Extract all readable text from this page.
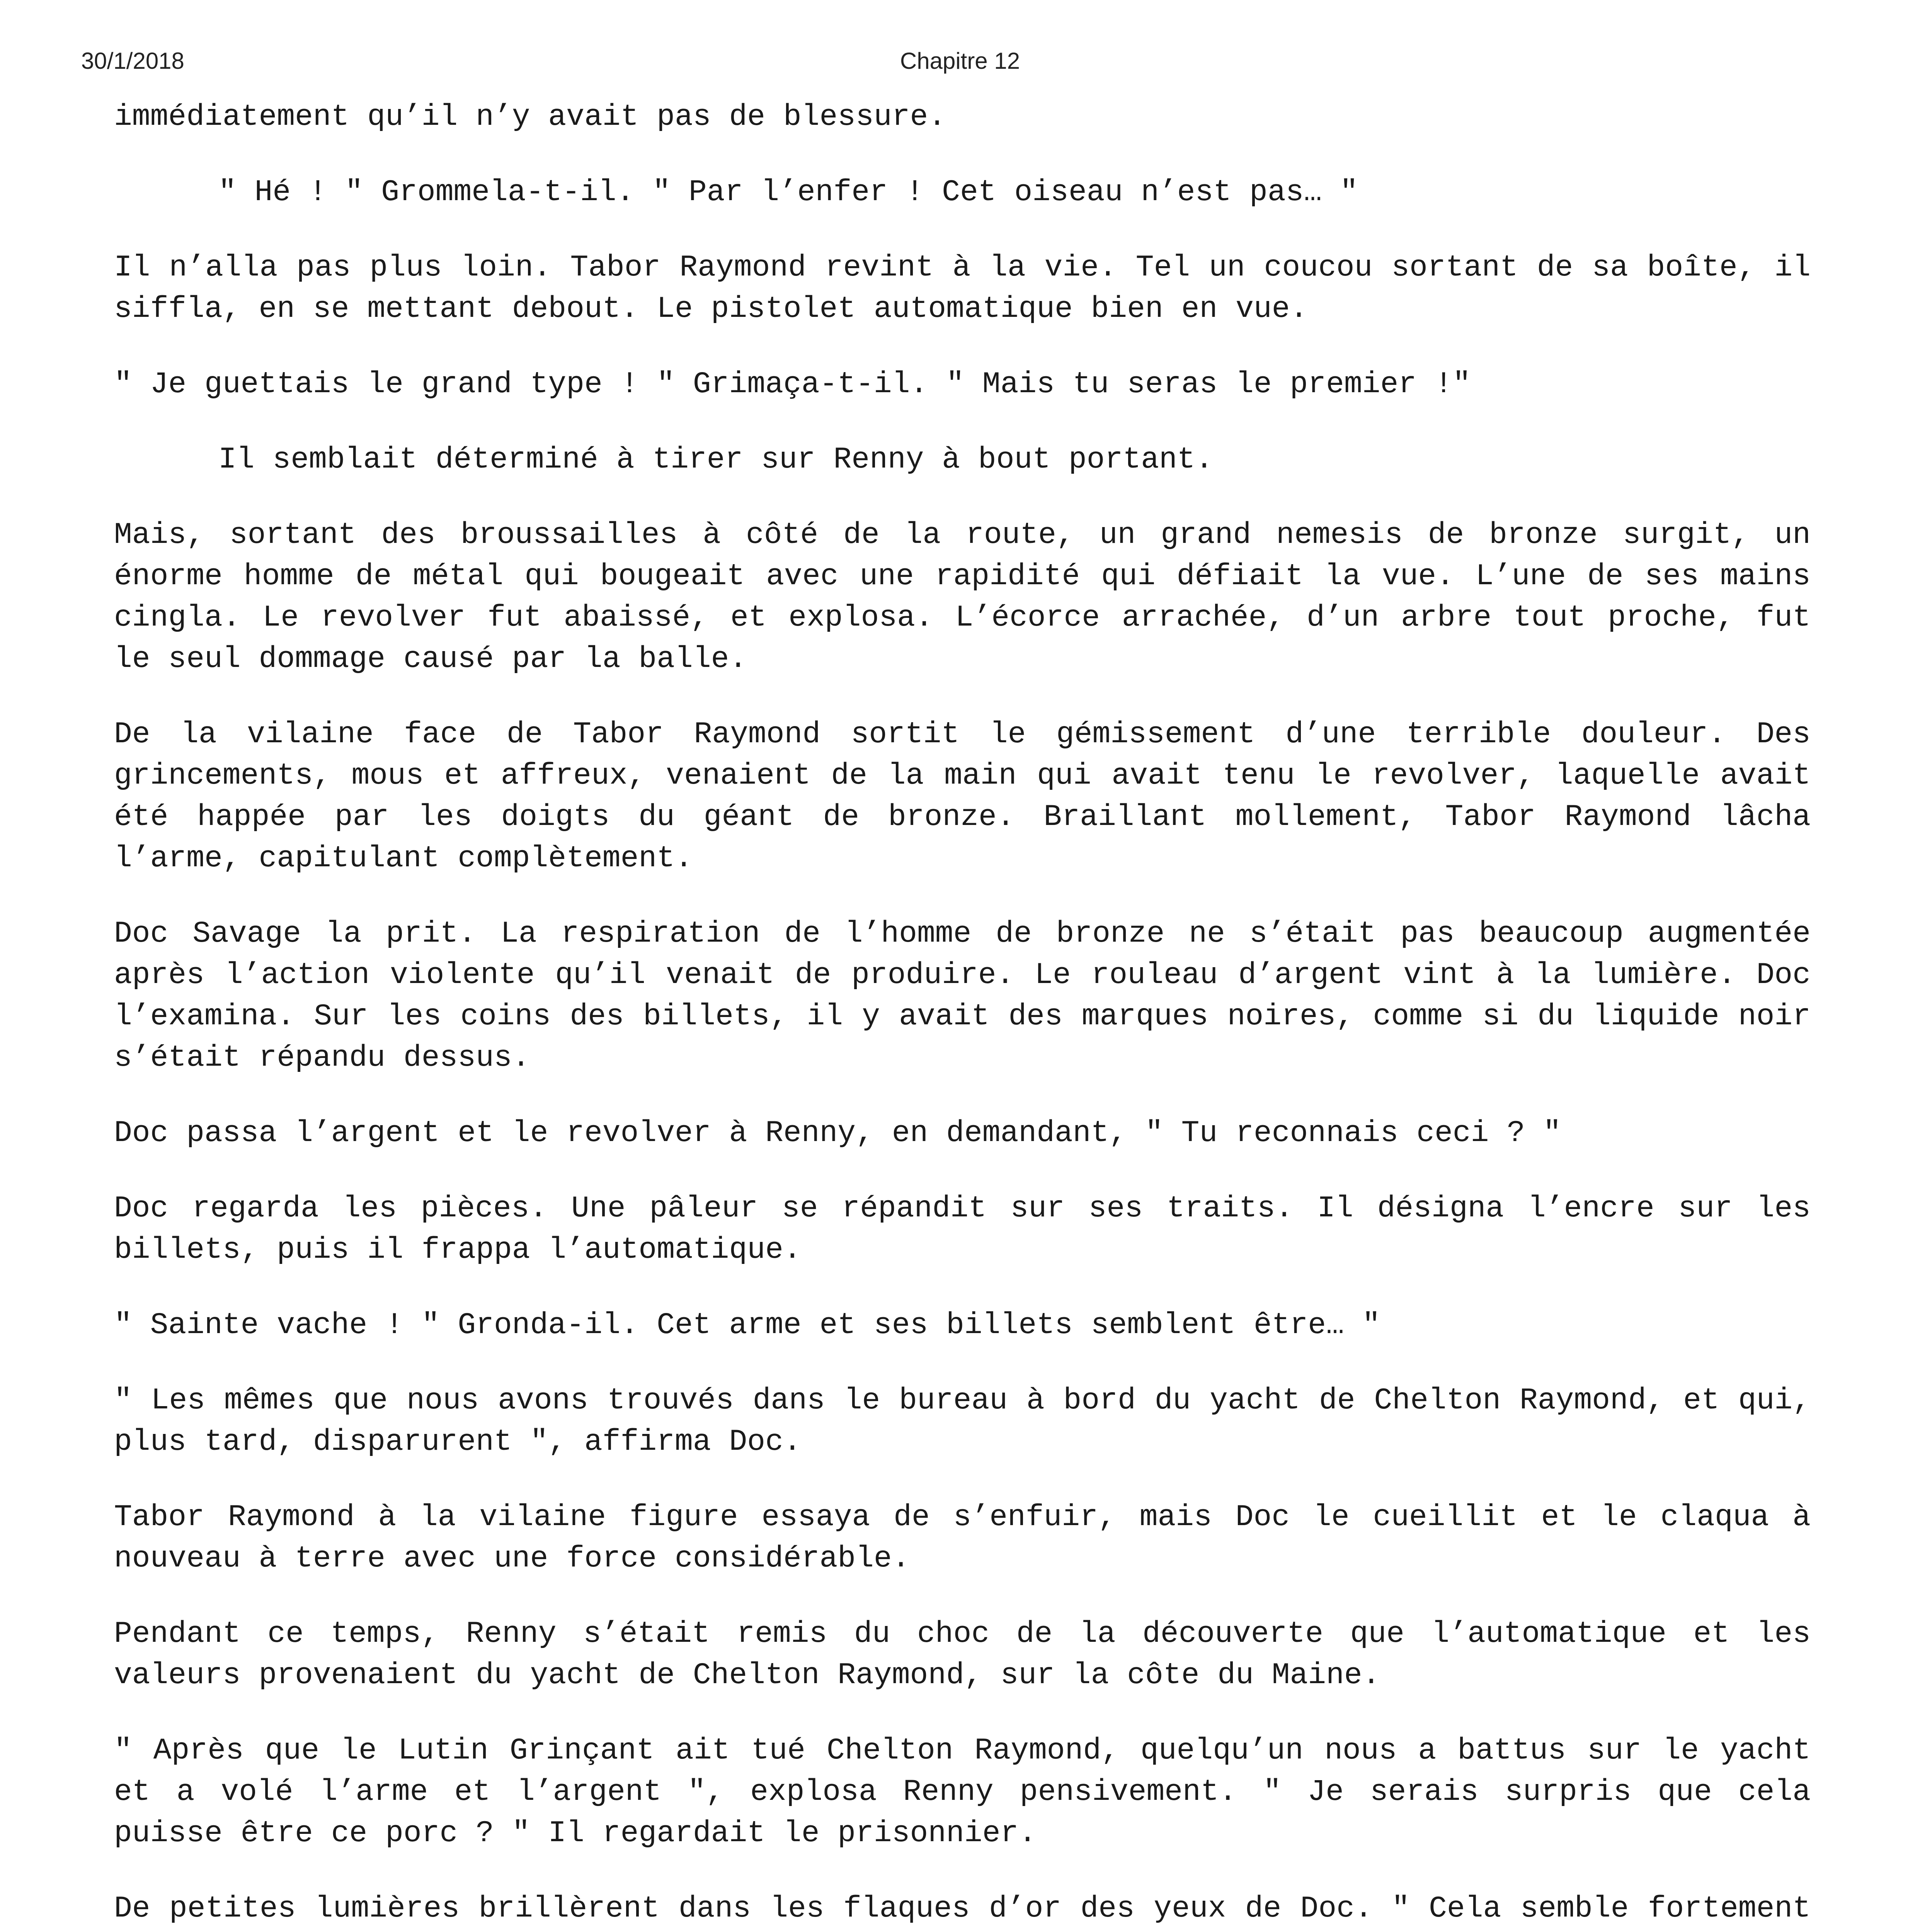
30/1/2018	Chapitre 12

immédiatement qu’il n’y avait pas de blessure.

" Hé ! " Grommela-t-il. " Par l’enfer ! Cet oiseau n’est pas… "

Il n’alla pas plus loin. Tabor Raymond revint à la vie. Tel un coucou sortant de sa boîte, il siffla, en se mettant debout. Le pistolet automatique bien en vue.

" Je guettais le grand type ! " Grimaça-t-il. " Mais tu seras le premier !"

Il semblait déterminé à tirer sur Renny à bout portant.

Mais, sortant des broussailles à côté de la route, un grand nemesis de bronze surgit, un énorme homme de métal qui bougeait avec une rapidité qui défiait la vue. L’une de ses mains cingla. Le revolver fut abaissé, et explosa. L’écorce arrachée, d’un arbre tout proche, fut le seul dommage causé par la balle.

De la vilaine face de Tabor Raymond sortit le gémissement d’une terrible douleur. Des grincements, mous et affreux, venaient de la main qui avait tenu le revolver, laquelle avait été happée par les doigts du géant de bronze. Braillant mollement, Tabor Raymond lâcha l’arme, capitulant complètement.

Doc Savage la prit. La respiration de l’homme de bronze ne s’était pas beaucoup augmentée après l’action violente qu’il venait de produire. Le rouleau d’argent vint à la lumière. Doc l’examina. Sur les coins des billets, il y avait des marques noires, comme si du liquide noir s’était répandu dessus.

Doc passa l’argent et le revolver à Renny, en demandant, " Tu reconnais ceci ? "

Doc regarda les pièces. Une pâleur se répandit sur ses traits. Il désigna l’encre sur les billets, puis il frappa l’automatique.

" Sainte vache ! " Gronda-il. Cet arme et ses billets semblent être… "

" Les mêmes que nous avons trouvés dans le bureau à bord du yacht de Chelton Raymond, et qui, plus tard, disparurent ", affirma Doc.

Tabor Raymond à la vilaine figure essaya de s’enfuir, mais Doc le cueillit et le claqua à nouveau à terre avec une force considérable.

Pendant ce temps, Renny s’était remis du choc de la découverte que l’automatique et les valeurs provenaient du yacht de Chelton Raymond, sur la côte du Maine.

" Après que le Lutin Grinçant ait tué Chelton Raymond, quelqu’un nous a battus sur le yacht et a volé l’arme et l’argent ", explosa Renny pensivement. " Je serais surpris que cela puisse être ce porc ? " Il regardait le prisonnier.

De petites lumières brillèrent dans les flaques d’or des yeux de Doc. " Cela semble fortement
